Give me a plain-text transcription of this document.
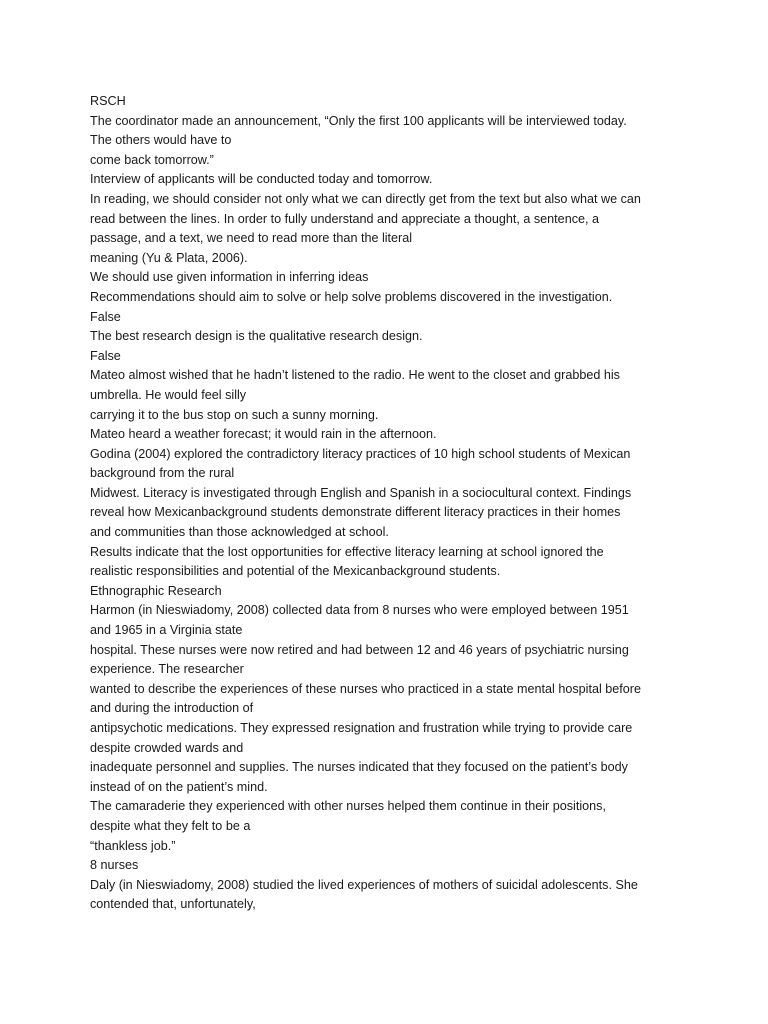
RSCH
The coordinator made an announcement, “Only the first 100 applicants will be interviewed today.
The others would have to
come back tomorrow.”
Interview of applicants will be conducted today and tomorrow.
In reading, we should consider not only what we can directly get from the text but also what we can
read between the lines. In order to fully understand and appreciate a thought, a sentence, a
passage, and a text, we need to read more than the literal
meaning (Yu & Plata, 2006).
We should use given information in inferring ideas
Recommendations should aim to solve or help solve problems discovered in the investigation.
False
The best research design is the qualitative research design.
False
Mateo almost wished that he hadn’t listened to the radio. He went to the closet and grabbed his
umbrella. He would feel silly
carrying it to the bus stop on such a sunny morning.
Mateo heard a weather forecast; it would rain in the afternoon.
Godina (2004) explored the contradictory literacy practices of 10 high school students of Mexican
background from the rural
Midwest. Literacy is investigated through English and Spanish in a sociocultural context. Findings
reveal how Mexicanbackground students demonstrate different literacy practices in their homes
and communities than those acknowledged at school.
Results indicate that the lost opportunities for effective literacy learning at school ignored the
realistic responsibilities and potential of the Mexicanbackground students.
Ethnographic Research
Harmon (in Nieswiadomy, 2008) collected data from 8 nurses who were employed between 1951
and 1965 in a Virginia state
hospital. These nurses were now retired and had between 12 and 46 years of psychiatric nursing
experience. The researcher
wanted to describe the experiences of these nurses who practiced in a state mental hospital before
and during the introduction of
antipsychotic medications. They expressed resignation and frustration while trying to provide care
despite crowded wards and
inadequate personnel and supplies. The nurses indicated that they focused on the patient’s body
instead of on the patient’s mind.
The camaraderie they experienced with other nurses helped them continue in their positions,
despite what they felt to be a
“thankless job.”
8 nurses
Daly (in Nieswiadomy, 2008) studied the lived experiences of mothers of suicidal adolescents. She
contended that, unfortunately,
